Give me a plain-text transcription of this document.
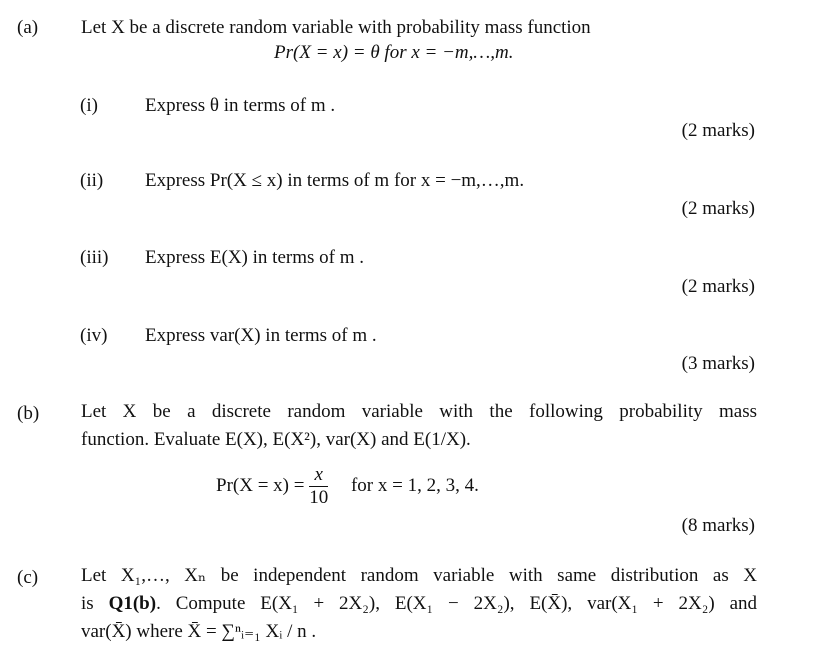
(a) Let X be a discrete random variable with probability mass function
Pr(X = x) = θ for x = −m,…,m.
(i) Express θ in terms of m .
(2 marks)
(ii) Express Pr(X ≤ x) in terms of m for x = −m,…,m.
(2 marks)
(iii) Express E(X) in terms of m .
(2 marks)
(iv) Express var(X) in terms of m .
(3 marks)
(b) Let X be a discrete random variable with the following probability mass
function. Evaluate E(X), E(X²), var(X) and E(1/X).
$Pr(X = x) = \frac{x}{10}$ for x = 1, 2, 3, 4.
(8 marks)
(c) Let X₁,…, Xₙ be independent random variable with same distribution as X
is Q1(b). Compute E(X₁ + 2X₂), E(X₁ − 2X₂), E(X̄), var(X₁ + 2X₂) and
var(X̄) where X̄ = ∑ⁿᵢ₌₁ Xᵢ / n .
